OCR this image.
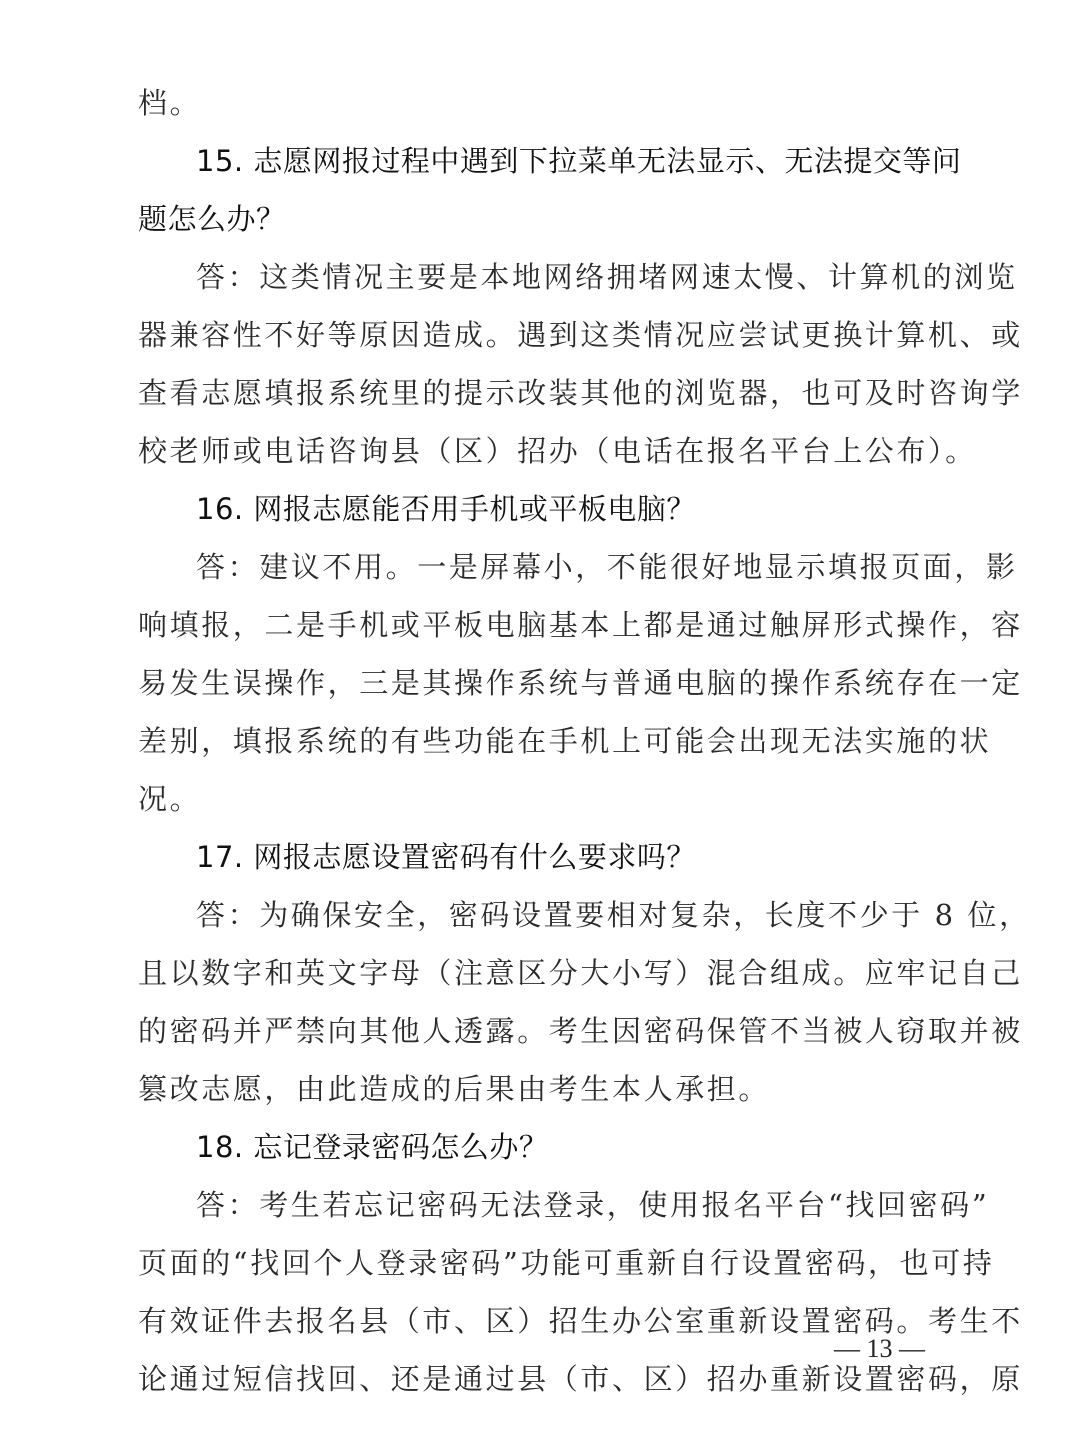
档。
15. 志愿网报过程中遇到下拉菜单无法显示、无法提交等问
题怎么办？
答：这类情况主要是本地网络拥堵网速太慢、计算机的浏览
器兼容性不好等原因造成。遇到这类情况应尝试更换计算机、或
查看志愿填报系统里的提示改装其他的浏览器，也可及时咨询学
校老师或电话咨询县（区）招办（电话在报名平台上公布）。
16. 网报志愿能否用手机或平板电脑？
答：建议不用。一是屏幕小，不能很好地显示填报页面，影
响填报，二是手机或平板电脑基本上都是通过触屏形式操作，容
易发生误操作，三是其操作系统与普通电脑的操作系统存在一定
差别，填报系统的有些功能在手机上可能会出现无法实施的状
况。
17. 网报志愿设置密码有什么要求吗？
答：为确保安全，密码设置要相对复杂，长度不少于 8 位，
且以数字和英文字母（注意区分大小写）混合组成。应牢记自己
的密码并严禁向其他人透露。考生因密码保管不当被人窃取并被
篡改志愿，由此造成的后果由考生本人承担。
18. 忘记登录密码怎么办？
答：考生若忘记密码无法登录，使用报名平台“找回密码”
页面的“找回个人登录密码”功能可重新自行设置密码，也可持
有效证件去报名县（市、区）招生办公室重新设置密码。考生不
论通过短信找回、还是通过县（市、区）招办重新设置密码，原
— 13 —
